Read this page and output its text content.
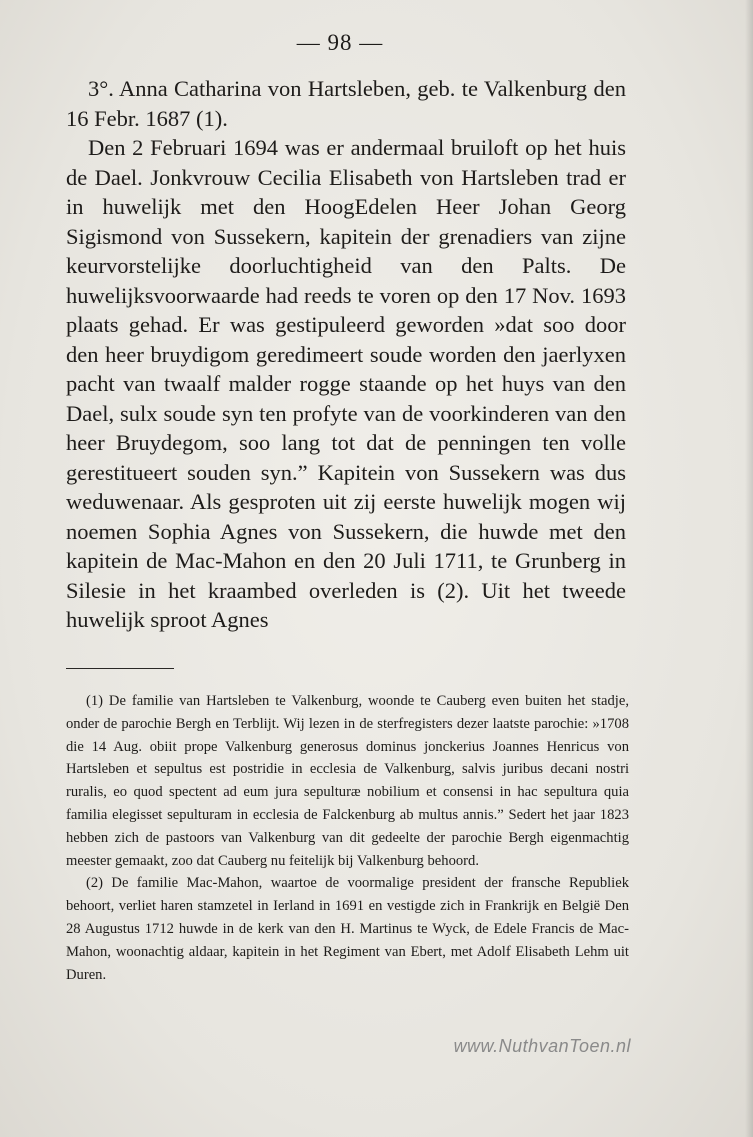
— 98 —

3°. Anna Catharina von Hartsleben, geb. te Valkenburg den 16 Febr. 1687 (1).

Den 2 Februari 1694 was er andermaal bruiloft op het huis de Dael. Jonkvrouw Cecilia Elisabeth von Hartsleben trad er in huwelijk met den HoogEdelen Heer Johan Georg Sigismond von Sussekern, kapitein der grenadiers van zijne keurvorstelijke doorluchtigheid van den Palts. De huwelijksvoorwaarde had reeds te voren op den 17 Nov. 1693 plaats gehad. Er was gestipuleerd geworden »dat soo door den heer bruydigom geredimeert soude worden den jaerlyxen pacht van twaalf malder rogge staande op het huys van den Dael, sulx soude syn ten profyte van de voorkinderen van den heer Bruydegom, soo lang tot dat de penningen ten volle gerestitueert souden syn.” Kapitein von Sussekern was dus weduwenaar. Als gesproten uit zij eerste huwelijk mogen wij noemen Sophia Agnes von Sussekern, die huwde met den kapitein de Mac-Mahon en den 20 Juli 1711, te Grunberg in Silesie in het kraambed overleden is (2). Uit het tweede huwelijk sproot Agnes

(1) De familie van Hartsleben te Valkenburg, woonde te Cauberg even buiten het stadje, onder de parochie Bergh en Terblijt. Wij lezen in de sterfregisters dezer laatste parochie: »1708 die 14 Aug. obiit prope Valkenburg generosus dominus jonckerius Joannes Henricus von Hartsleben et sepultus est postridie in ecclesia de Valkenburg, salvis juribus decani nostri ruralis, eo quod spectent ad eum jura sepulturæ nobilium et consensi in hac sepultura quia familia elegisset sepulturam in ecclesia de Falckenburg ab multus annis.” Sedert het jaar 1823 hebben zich de pastoors van Valkenburg van dit gedeelte der parochie Bergh eigenmachtig meester gemaakt, zoo dat Cauberg nu feitelijk bij Valkenburg behoord.

(2) De familie Mac-Mahon, waartoe de voormalige president der fransche Republiek behoort, verliet haren stamzetel in Ierland in 1691 en vestigde zich in Frankrijk en België Den 28 Augustus 1712 huwde in de kerk van den H. Martinus te Wyck, de Edele Francis de Mac-Mahon, woonachtig aldaar, kapitein in het Regiment van Ebert, met Adolf Elisabeth Lehm uit Duren.

www.NuthvanToen.nl
